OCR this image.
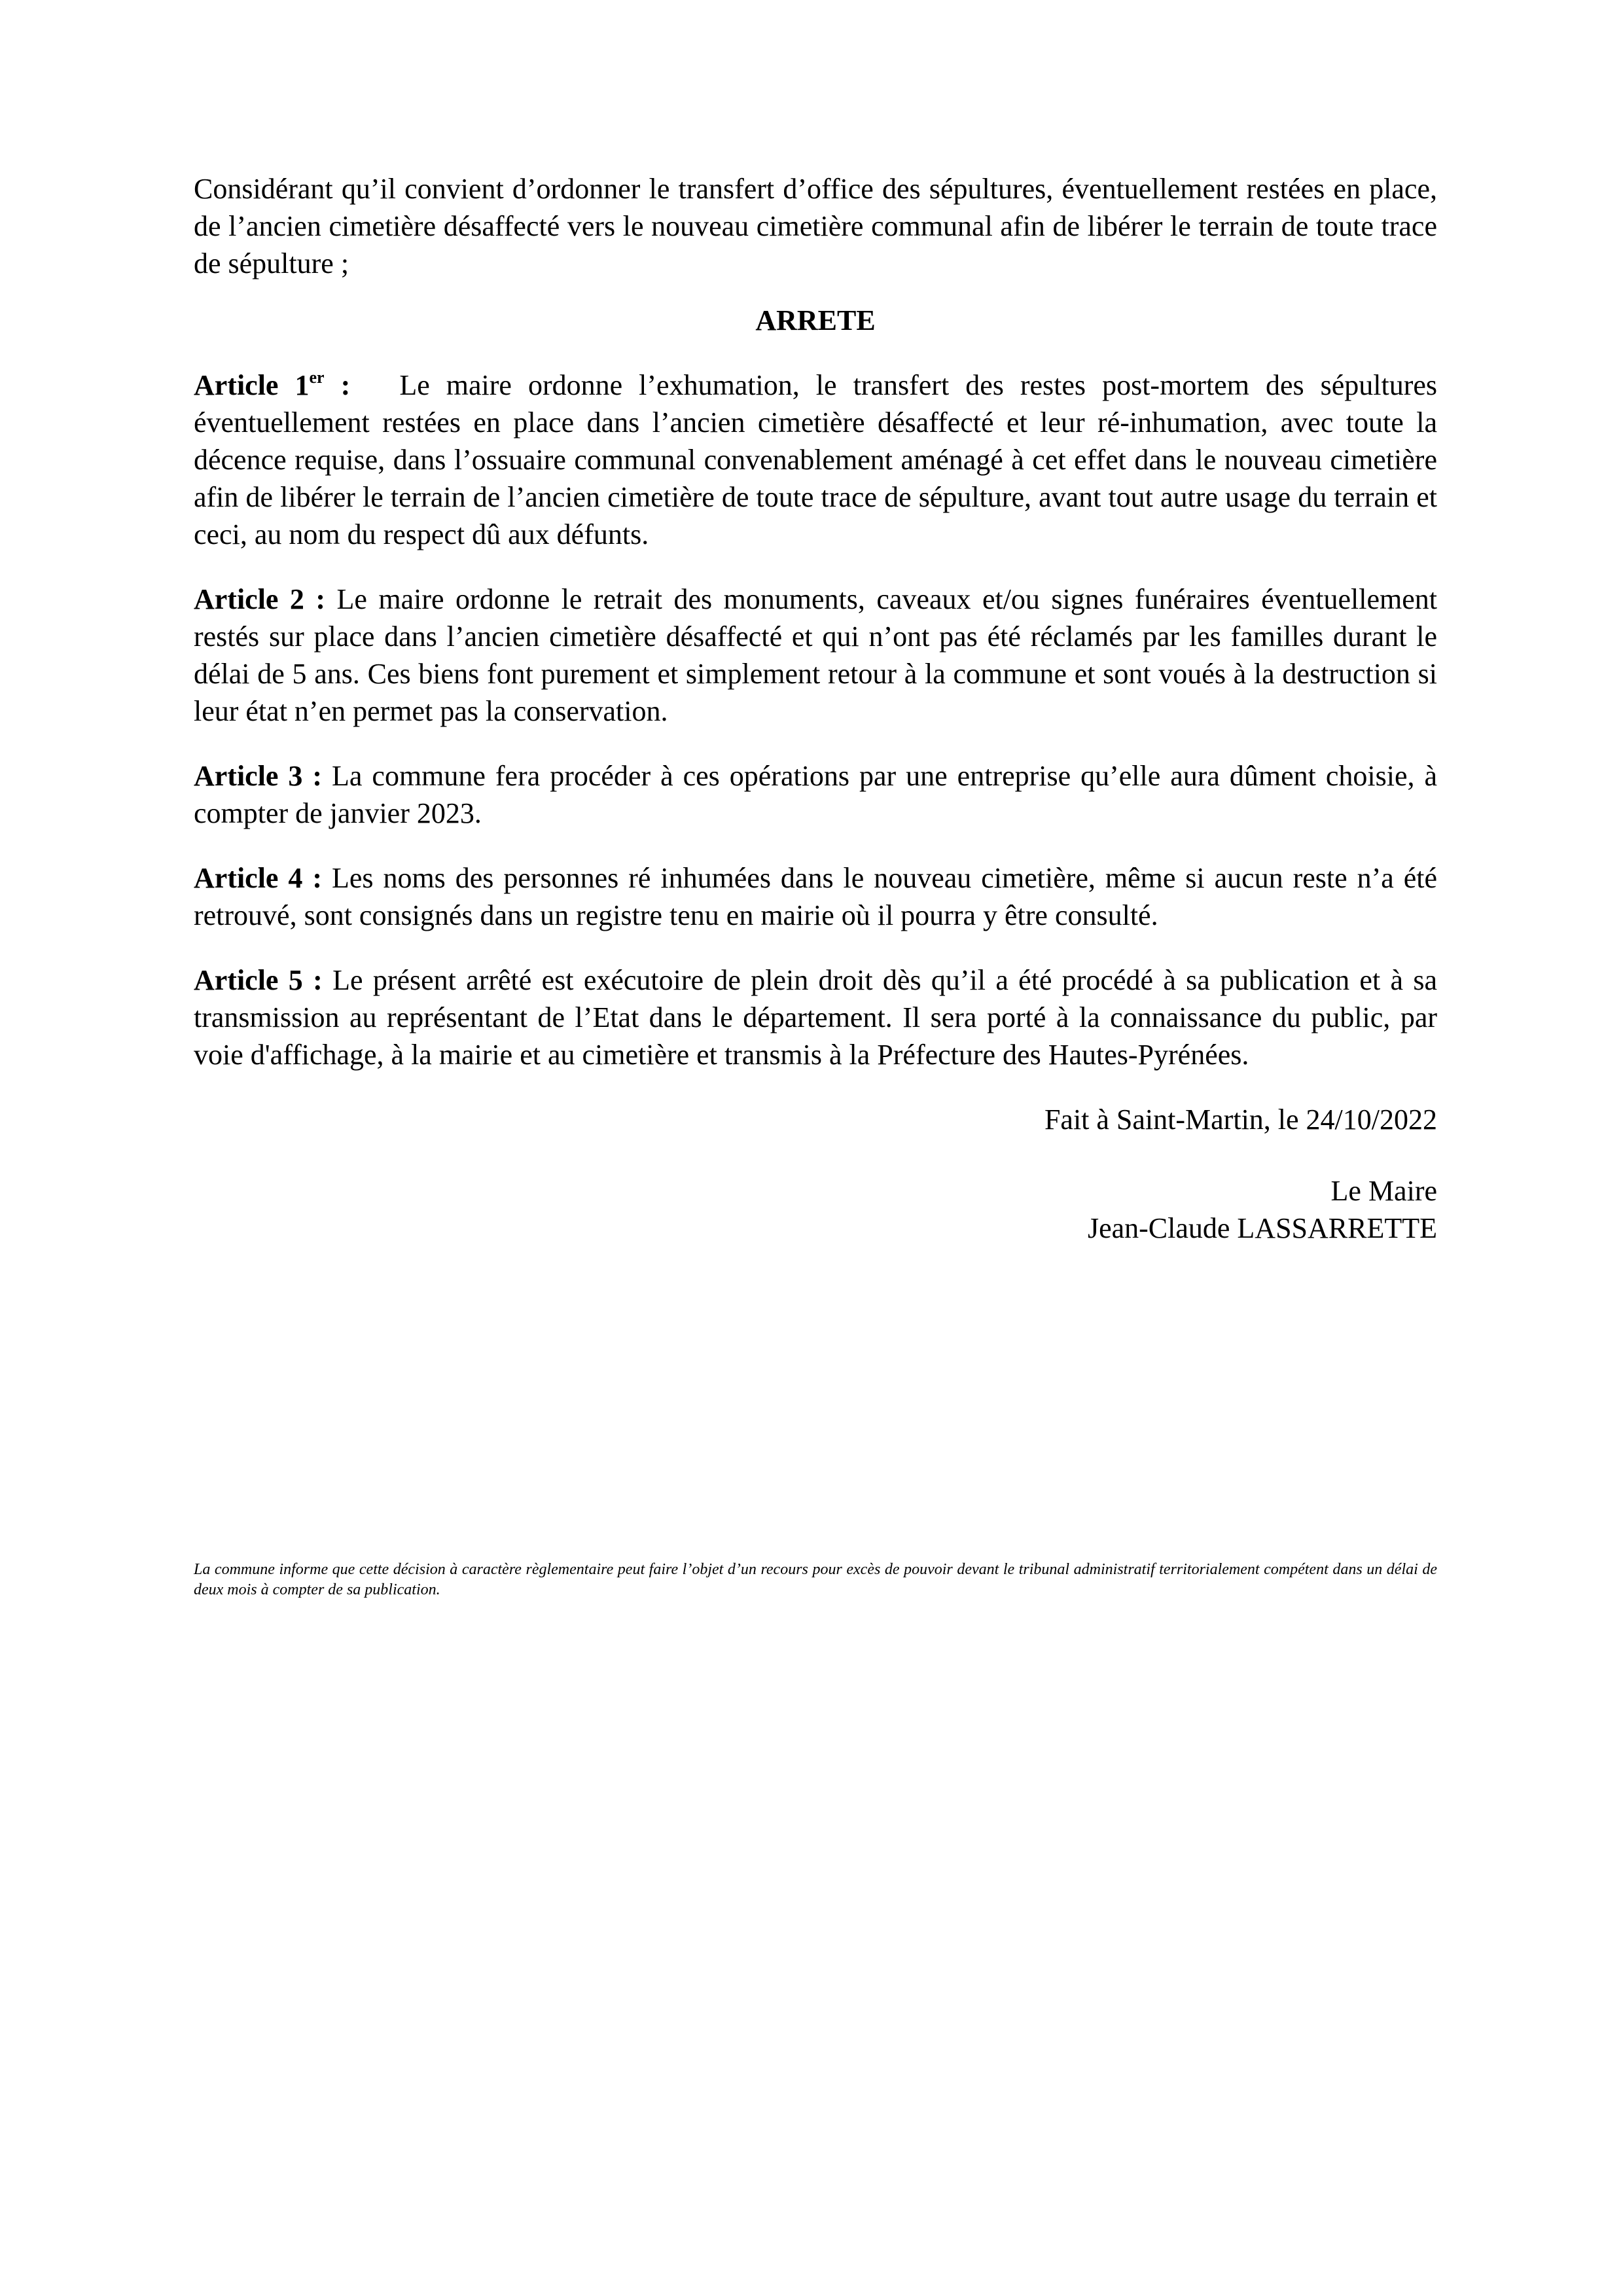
Considérant qu’il convient d’ordonner le transfert d’office des sépultures, éventuellement restées en place, de l’ancien cimetière désaffecté vers le nouveau cimetière communal afin de libérer le terrain de toute trace de sépulture ;

ARRETE

Article 1er : Le maire ordonne l’exhumation, le transfert des restes post-mortem des sépultures éventuellement restées en place dans l’ancien cimetière désaffecté et leur ré-inhumation, avec toute la décence requise, dans l’ossuaire communal convenablement aménagé à cet effet dans le nouveau cimetière afin de libérer le terrain de l’ancien cimetière de toute trace de sépulture, avant tout autre usage du terrain et ceci, au nom du respect dû aux défunts.

Article 2 : Le maire ordonne le retrait des monuments, caveaux et/ou signes funéraires éventuellement restés sur place dans l’ancien cimetière désaffecté et qui n’ont pas été réclamés par les familles durant le délai de 5 ans. Ces biens font purement et simplement retour à la commune et sont voués à la destruction si leur état n’en permet pas la conservation.

Article 3 : La commune fera procéder à ces opérations par une entreprise qu’elle aura dûment choisie, à compter de janvier 2023.

Article 4 : Les noms des personnes ré inhumées dans le nouveau cimetière, même si aucun reste n’a été retrouvé, sont consignés dans un registre tenu en mairie où il pourra y être consulté.

Article 5 : Le présent arrêté est exécutoire de plein droit dès qu’il a été procédé à sa publication et à sa transmission au représentant de l’Etat dans le département. Il sera porté à la connaissance du public, par voie d'affichage, à la mairie et au cimetière et transmis à la Préfecture des Hautes-Pyrénées.

Fait à Saint-Martin, le 24/10/2022
Le Maire
Jean-Claude LASSARRETTE
La commune informe que cette décision à caractère règlementaire peut faire l’objet d’un recours pour excès de pouvoir devant le tribunal administratif territorialement compétent dans un délai de deux mois à compter de sa publication.
